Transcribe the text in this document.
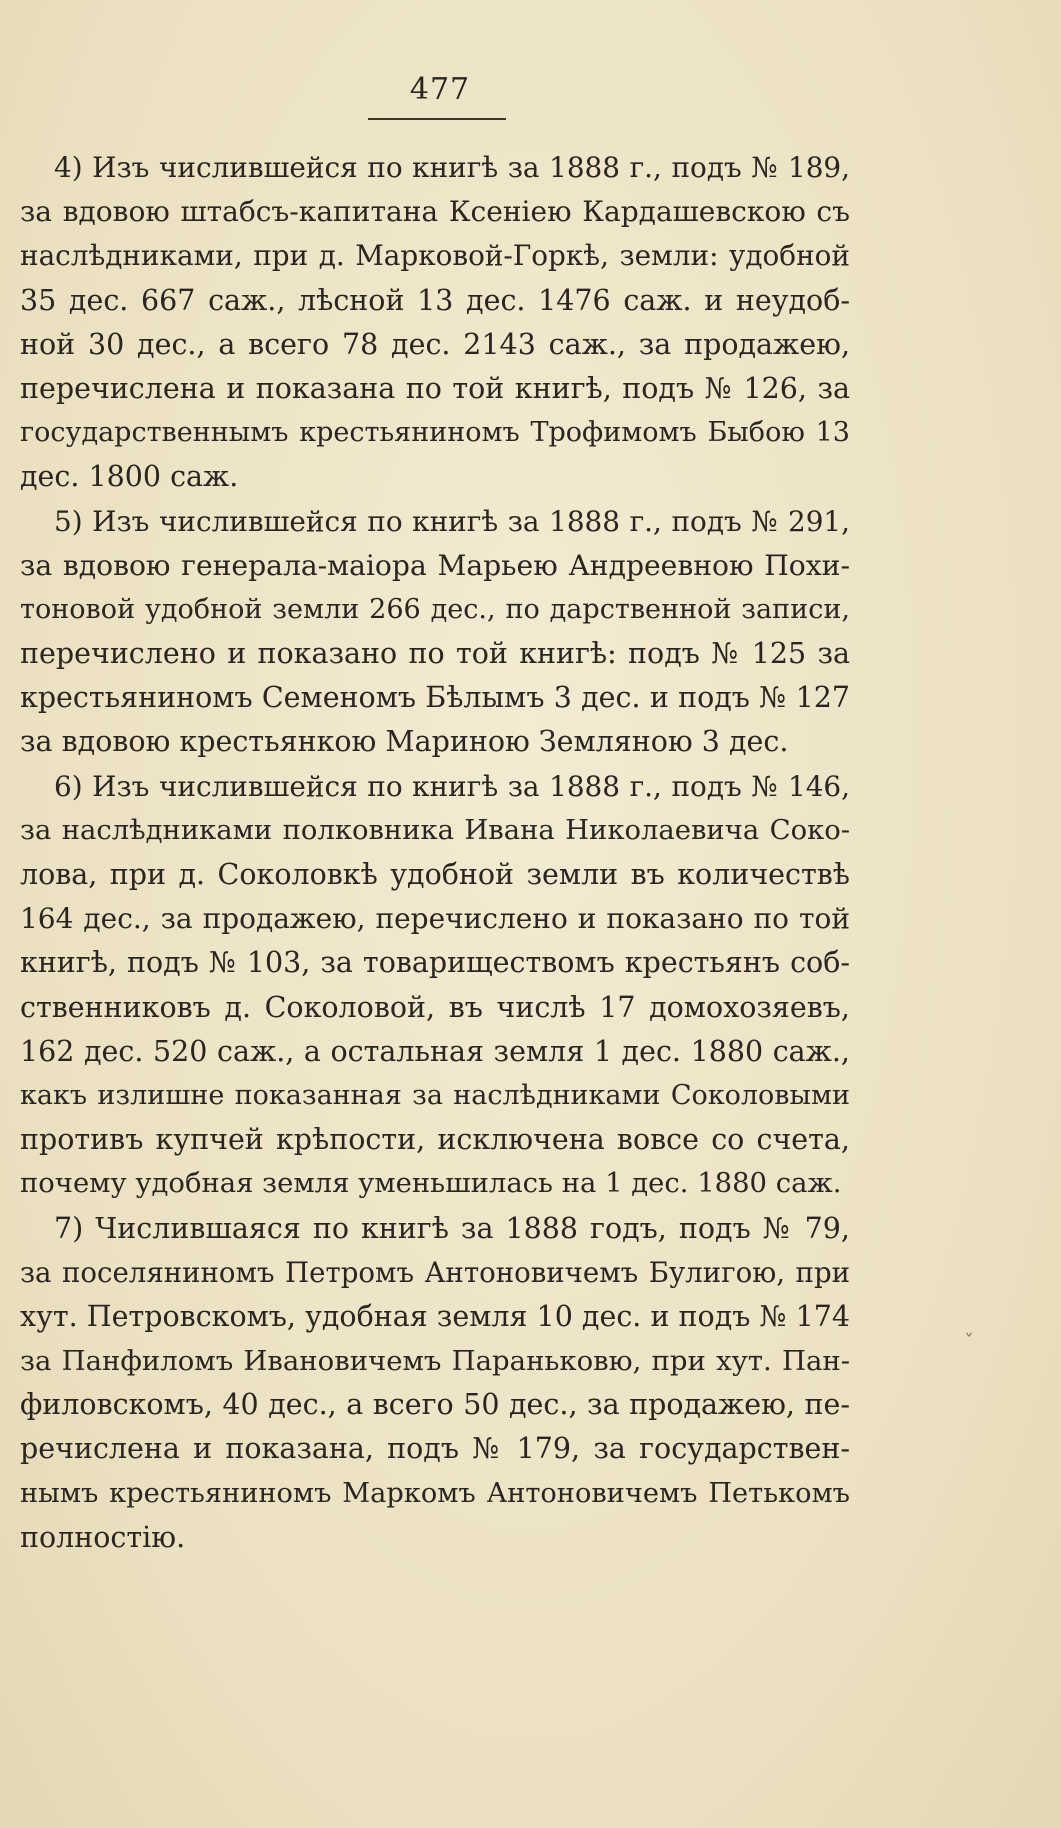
477
4) Изъ числившейся по книгѣ за 1888 г., подъ № 189,
за вдовою штабсъ-капитана Ксеніею Кардашевскою съ
наслѣдниками, при д. Марковой-Горкѣ, земли: удобной
35 дес. 667 саж., лѣсной 13 дес. 1476 саж. и неудоб-
ной 30 дес., а всего 78 дес. 2143 саж., за продажею,
перечислена и показана по той книгѣ, подъ № 126, за
государственнымъ крестьяниномъ Трофимомъ Быбою 13
дес. 1800 саж.
5) Изъ числившейся по книгѣ за 1888 г., подъ № 291,
за вдовою генерала-маіора Марьею Андреевною Похи-
тоновой удобной земли 266 дес., по дарственной записи,
перечислено и показано по той книгѣ: подъ № 125 за
крестьяниномъ Семеномъ Бѣлымъ 3 дес. и подъ № 127
за вдовою крестьянкою Мариною Земляною 3 дес.
6) Изъ числившейся по книгѣ за 1888 г., подъ № 146,
за наслѣдниками полковника Ивана Николаевича Соко-
лова, при д. Соколовкѣ удобной земли въ количествѣ
164 дес., за продажею, перечислено и показано по той
книгѣ, подъ № 103, за товариществомъ крестьянъ соб-
ственниковъ д. Соколовой, въ числѣ 17 домохозяевъ,
162 дес. 520 саж., а остальная земля 1 дес. 1880 саж.,
какъ излишне показанная за наслѣдниками Соколовыми
противъ купчей крѣпости, исключена вовсе со счета,
почему удобная земля уменьшилась на 1 дес. 1880 саж.
7) Числившаяся по книгѣ за 1888 годъ, подъ № 79,
за поселяниномъ Петромъ Антоновичемъ Булигою, при
хут. Петровскомъ, удобная земля 10 дес. и подъ № 174
за Панфиломъ Ивановичемъ Параньковю, при хут. Пан-
филовскомъ, 40 дес., а всего 50 дес., за продажею, пе-
речислена и показана, подъ № 179, за государствен-
нымъ крестьяниномъ Маркомъ Антоновичемъ Петькомъ
полностію.
ˇ
